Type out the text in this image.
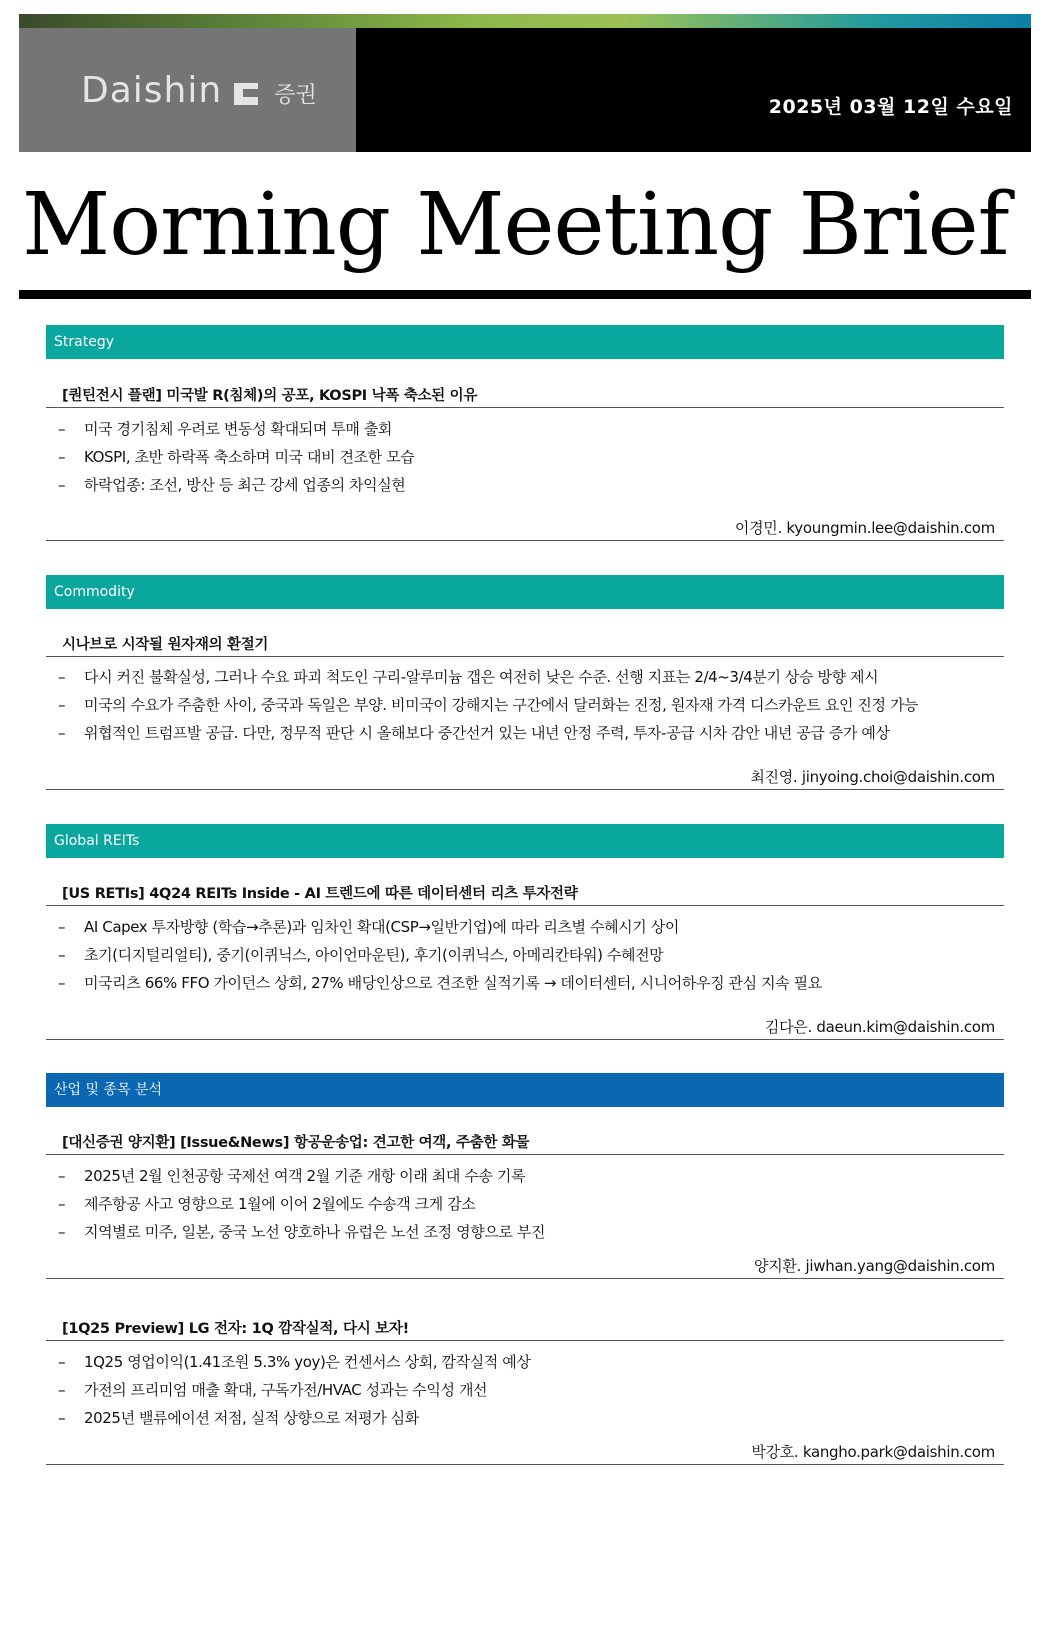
Daishin 증권	2025년 03월 12일 수요일
Morning Meeting Brief
Strategy
[퀀틴전시 플랜] 미국발 R(침체)의 공포, KOSPI 낙폭 축소된 이유
– 미국 경기침체 우려로 변동성 확대되며 투매 출회
– KOSPI, 초반 하락폭 축소하며 미국 대비 견조한 모습
– 하락업종: 조선, 방산 등 최근 강세 업종의 차익실현
이경민. kyoungmin.lee@daishin.com
Commodity
시나브로 시작될 원자재의 환절기
– 다시 커진 불확실성, 그러나 수요 파괴 척도인 구리-알루미늄 갭은 여전히 낮은 수준. 선행 지표는 2/4~3/4분기 상승 방향 제시
– 미국의 수요가 주춤한 사이, 중국과 독일은 부양. 비미국이 강해지는 구간에서 달러화는 진정, 원자재 가격 디스카운트 요인 진정 가능
– 위협적인 트럼프발 공급. 다만, 정무적 판단 시 올해보다 중간선거 있는 내년 안정 주력, 투자-공급 시차 감안 내년 공급 증가 예상
최진영. jinyoing.choi@daishin.com
Global REITs
[US RETIs] 4Q24 REITs Inside - AI 트렌드에 따른 데이터센터 리츠 투자전략
– AI Capex 투자방향 (학습→추론)과 임차인 확대(CSP→일반기업)에 따라 리츠별 수혜시기 상이
– 초기(디지털리얼티), 중기(이퀴닉스, 아이언마운틴), 후기(이퀴닉스, 아메리칸타워) 수혜전망
– 미국리츠 66% FFO 가이던스 상회, 27% 배당인상으로 견조한 실적기록 → 데이터센터, 시니어하우징 관심 지속 필요
김다은. daeun.kim@daishin.com
산업 및 종목 분석
[대신증권 양지환] [Issue&News] 항공운송업: 견고한 여객, 주춤한 화물
– 2025년 2월 인천공항 국제선 여객 2월 기준 개항 이래 최대 수송 기록
– 제주항공 사고 영향으로 1월에 이어 2월에도 수송객 크게 감소
– 지역별로 미주, 일본, 중국 노선 양호하나 유럽은 노선 조정 영향으로 부진
양지환. jiwhan.yang@daishin.com
[1Q25 Preview] LG 전자: 1Q 깜작실적, 다시 보자!
– 1Q25 영업이익(1.41조원 5.3% yoy)은 컨센서스 상회, 깜작실적 예상
– 가전의 프리미엄 매출 확대, 구독가전/HVAC 성과는 수익성 개선
– 2025년 밸류에이션 저점, 실적 상향으로 저평가 심화
박강호. kangho.park@daishin.com
